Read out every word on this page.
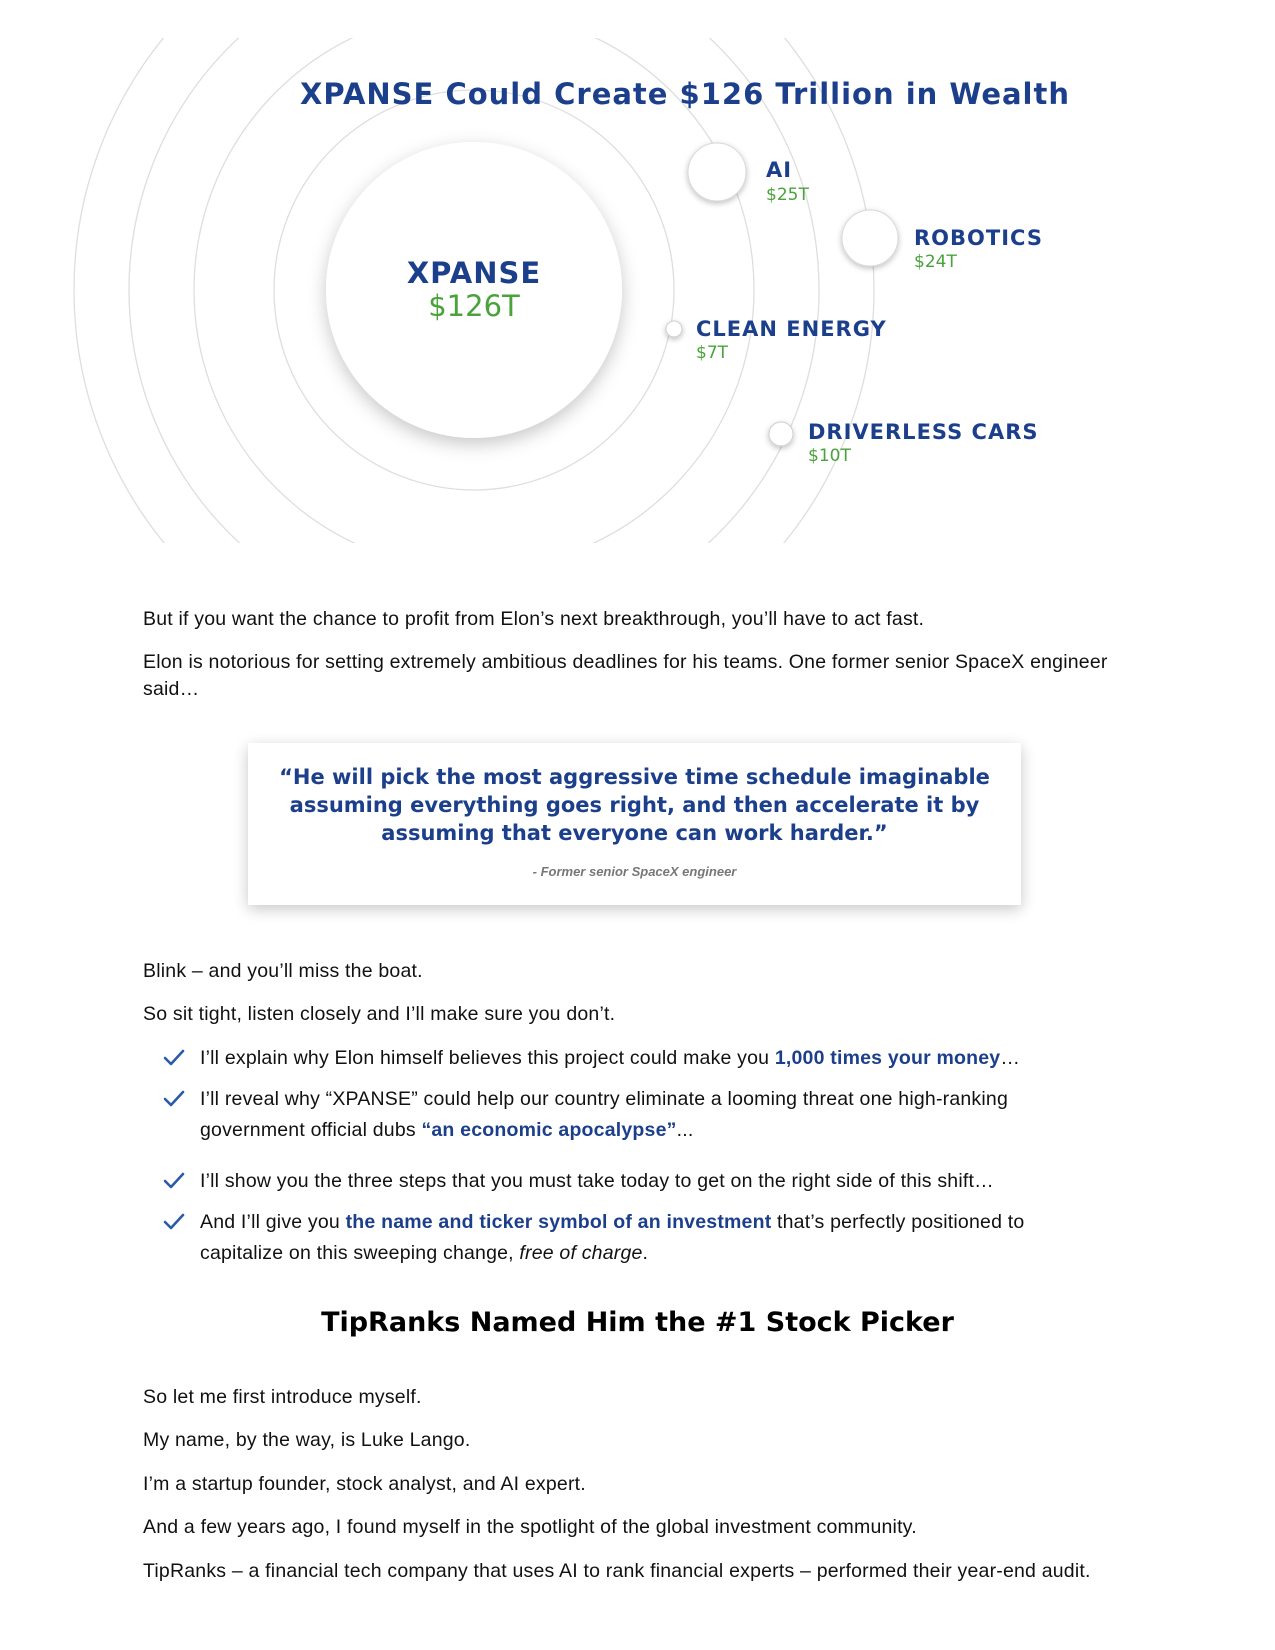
XPANSE Could Create $126 Trillion in Wealth
XPANSE
$126T
AI
$25T
ROBOTICS
$24T
CLEAN ENERGY
$7T
DRIVERLESS CARS
$10T
But if you want the chance to profit from Elon’s next breakthrough, you’ll have to act fast.
Elon is notorious for setting extremely ambitious deadlines for his teams. One former senior SpaceX engineer said…
“He will pick the most aggressive time schedule imaginable assuming everything goes right, and then accelerate it by assuming that everyone can work harder.”
- Former senior SpaceX engineer
Blink – and you’ll miss the boat.
So sit tight, listen closely and I’ll make sure you don’t.
I’ll explain why Elon himself believes this project could make you 1,000 times your money…
I’ll reveal why “XPANSE” could help our country eliminate a looming threat one high-ranking government official dubs “an economic apocalypse”...
I’ll show you the three steps that you must take today to get on the right side of this shift…
And I’ll give you the name and ticker symbol of an investment that’s perfectly positioned to capitalize on this sweeping change, free of charge.
TipRanks Named Him the #1 Stock Picker
So let me first introduce myself.
My name, by the way, is Luke Lango.
I’m a startup founder, stock analyst, and AI expert.
And a few years ago, I found myself in the spotlight of the global investment community.
TipRanks – a financial tech company that uses AI to rank financial experts – performed their year-end audit.
